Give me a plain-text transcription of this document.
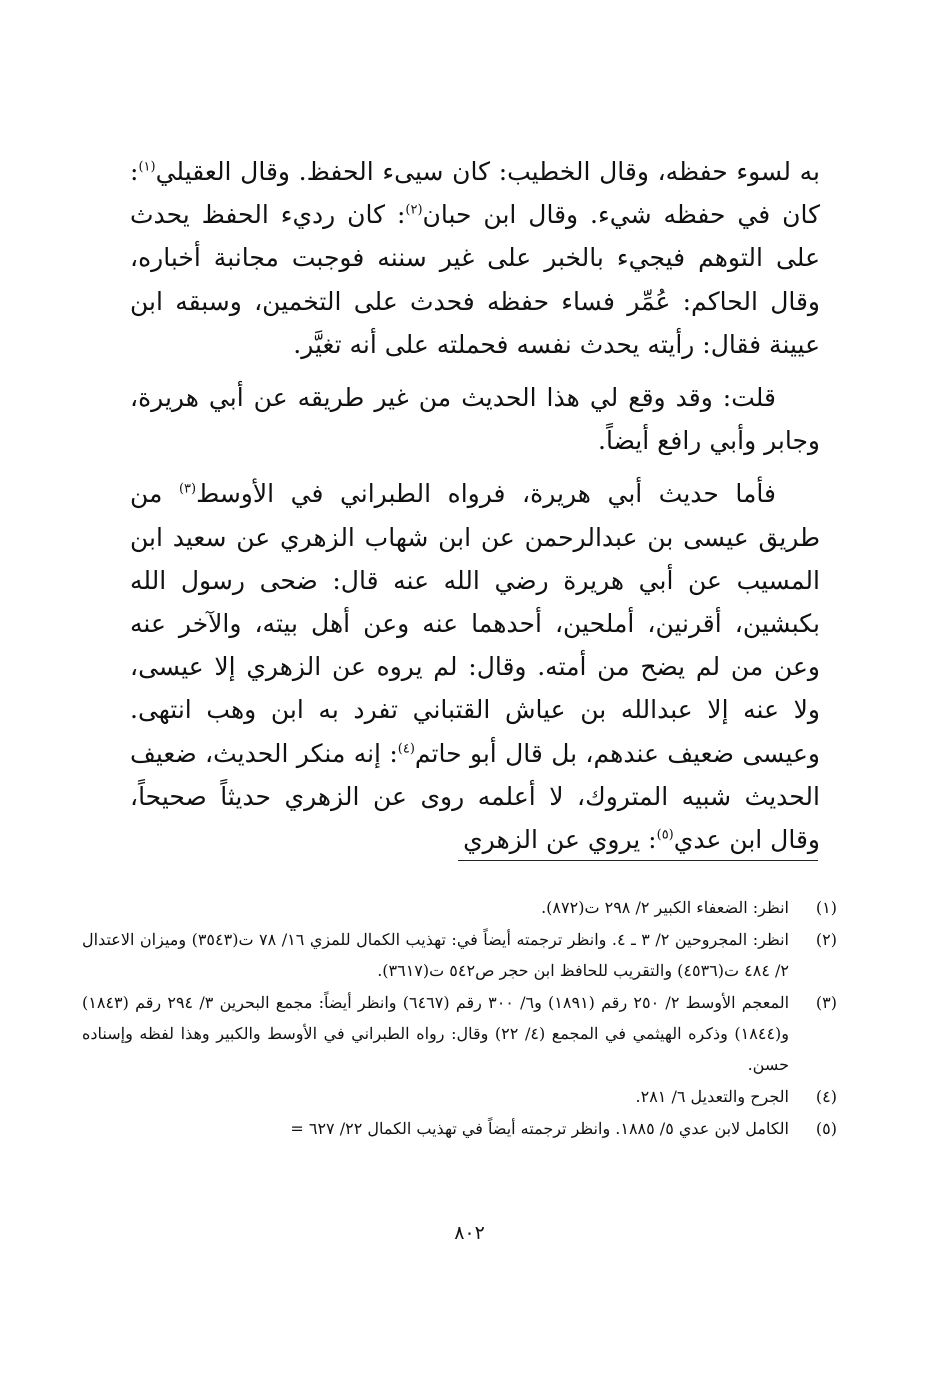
به لسوء حفظه، وقال الخطيب: كان سيىء الحفظ. وقال العقيلي$^{(١)}$: كان في حفظه شيء. وقال ابن حبان$^{(٢)}$: كان رديء الحفظ يحدث على التوهم فيجيء بالخبر على غير سننه فوجبت مجانبة أخباره، وقال الحاكم: عُمِّر فساء حفظه فحدث على التخمين، وسبقه ابن عيينة فقال: رأيته يحدث نفسه فحملته على أنه تغيَّر.

قلت: وقد وقع لي هذا الحديث من غير طريقه عن أبي هريرة، وجابر وأبي رافع أيضاً.

فأما حديث أبي هريرة، فرواه الطبراني في الأوسط$^{(٣)}$ من طريق عيسى بن عبدالرحمن عن ابن شهاب الزهري عن سعيد ابن المسيب عن أبي هريرة رضي الله عنه قال: ضحى رسول الله بكبشين، أقرنين، أملحين، أحدهما عنه وعن أهل بيته، والآخر عنه وعن من لم يضح من أمته. وقال: لم يروه عن الزهري إلا عيسى، ولا عنه إلا عبدالله بن عياش القتباني تفرد به ابن وهب انتهى. وعيسى ضعيف عندهم، بل قال أبو حاتم$^{(٤)}$: إنه منكر الحديث، ضعيف الحديث شبيه المتروك، لا أعلمه روى عن الزهري حديثاً صحيحاً، وقال ابن عدي$^{(٥)}$: يروي عن الزهري

(١)
انظر: الضعفاء الكبير ٢/ ٢٩٨ ت(٨٧٢).
(٢)
انظر: المجروحين ٢/ ٣ ـ ٤. وانظر ترجمته أيضاً في: تهذيب الكمال للمزي ١٦/ ٧٨ ت(٣٥٤٣) وميزان الاعتدال ٢/ ٤٨٤ ت(٤٥٣٦) والتقريب للحافظ ابن حجر ص٥٤٢ ت(٣٦١٧).
(٣)
المعجم الأوسط ٢/ ٢٥٠ رقم (١٨٩١) و٦/ ٣٠٠ رقم (٦٤٦٧) وانظر أيضاً: مجمع البحرين ٣/ ٢٩٤ رقم (١٨٤٣) و(١٨٤٤) وذكره الهيثمي في المجمع (٤/ ٢٢) وقال: رواه الطبراني في الأوسط والكبير وهذا لفظه وإسناده حسن.
(٤)
الجرح والتعديل ٦/ ٢٨١.
(٥)
الكامل لابن عدي ٥/ ١٨٨٥. وانظر ترجمته أيضاً في تهذيب الكمال ٢٢/ ٦٢٧ =
٨٠٢
